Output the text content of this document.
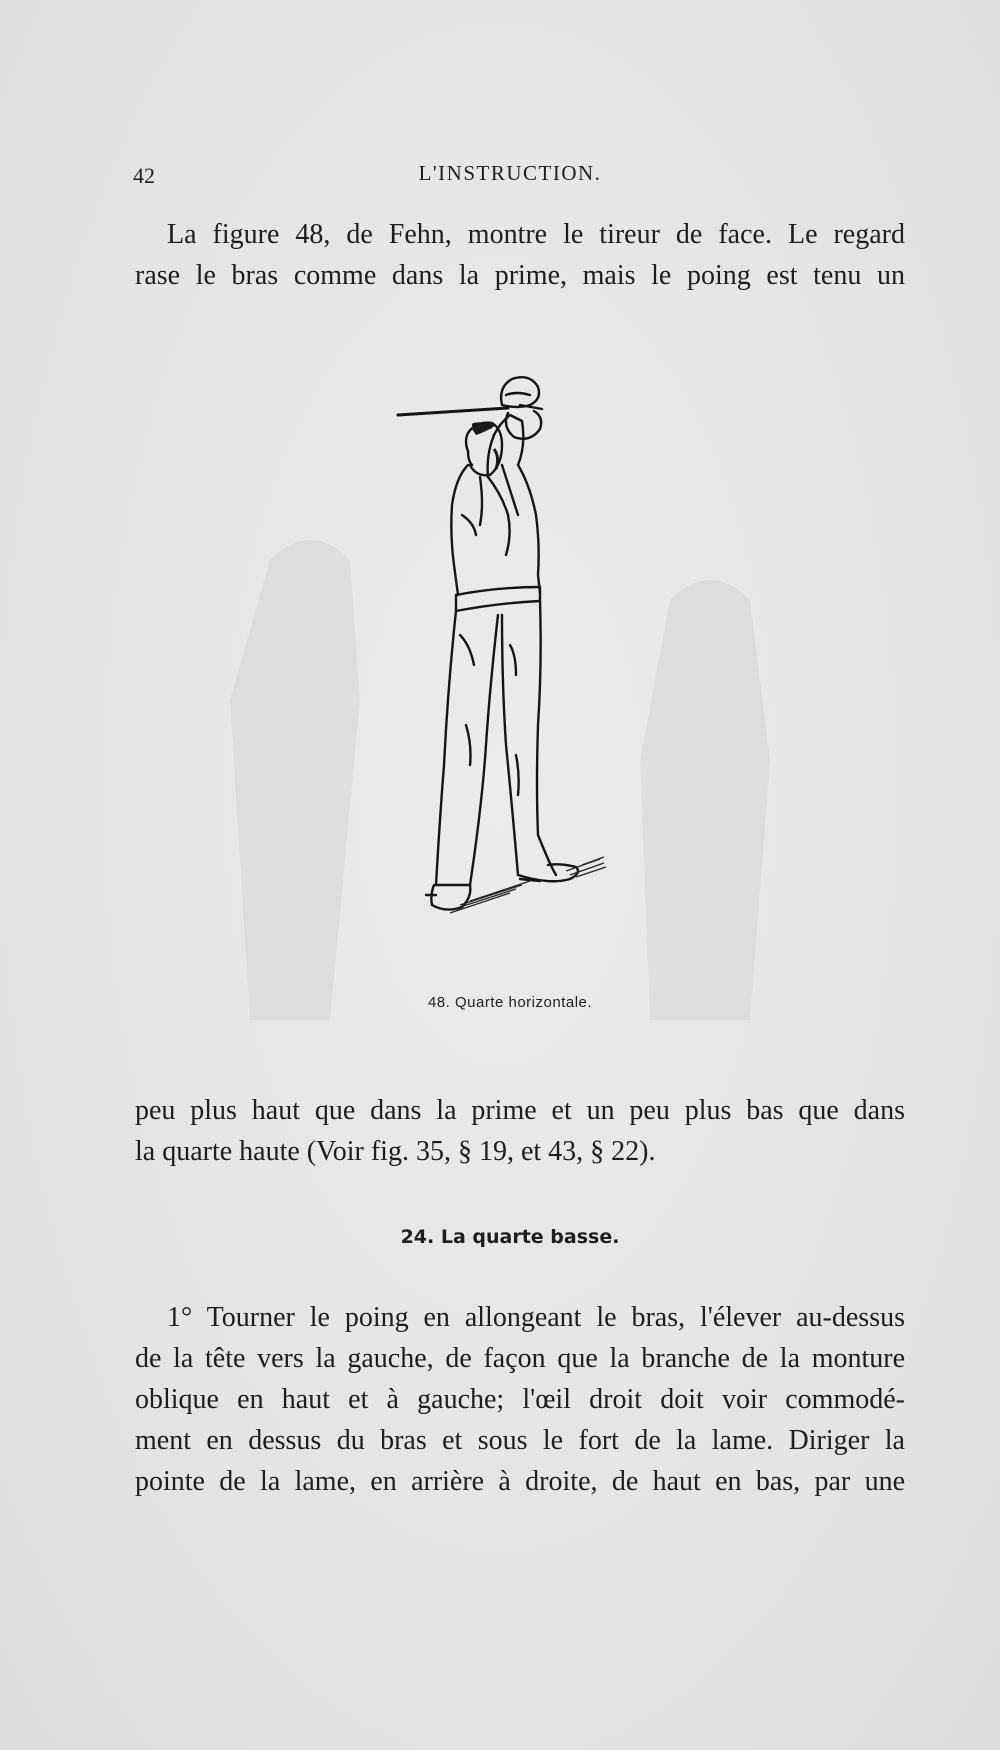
42	L'INSTRUCTION.
La figure 48, de Fehn, montre le tireur de face. Le regard
rase le bras comme dans la prime, mais le poing est tenu un
48. Quarte horizontale.
peu plus haut que dans la prime et un peu plus bas que dans
la quarte haute (Voir fig. 35, § 19, et 43, § 22).
24. La quarte basse.
1° Tourner le poing en allongeant le bras, l'élever au-dessus
de la tête vers la gauche, de façon que la branche de la monture
oblique en haut et à gauche; l'œil droit doit voir commodé-
ment en dessus du bras et sous le fort de la lame. Diriger la
pointe de la lame, en arrière à droite, de haut en bas, par une
